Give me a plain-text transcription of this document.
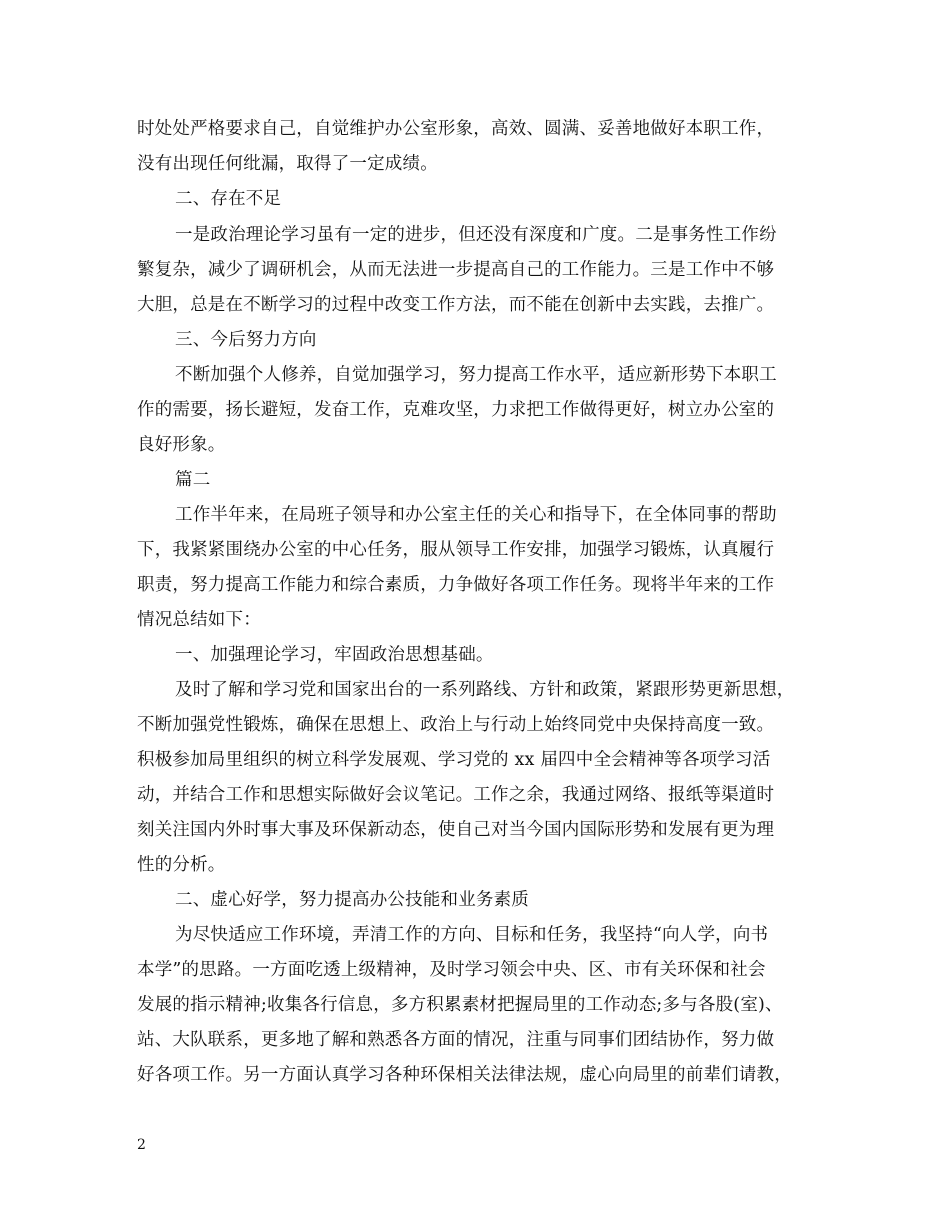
时处处严格要求自己，自觉维护办公室形象，高效、圆满、妥善地做好本职工作，
没有出现任何纰漏，取得了一定成绩。
二、存在不足
一是政治理论学习虽有一定的进步，但还没有深度和广度。二是事务性工作纷
繁复杂，减少了调研机会，从而无法进一步提高自己的工作能力。三是工作中不够
大胆，总是在不断学习的过程中改变工作方法，而不能在创新中去实践，去推广。
三、今后努力方向
不断加强个人修养，自觉加强学习，努力提高工作水平，适应新形势下本职工
作的需要，扬长避短，发奋工作，克难攻坚，力求把工作做得更好，树立办公室的
良好形象。
篇二
工作半年来，在局班子领导和办公室主任的关心和指导下，在全体同事的帮助
下，我紧紧围绕办公室的中心任务，服从领导工作安排，加强学习锻炼，认真履行
职责，努力提高工作能力和综合素质，力争做好各项工作任务。现将半年来的工作
情况总结如下：
一、加强理论学习，牢固政治思想基础。
及时了解和学习党和国家出台的一系列路线、方针和政策，紧跟形势更新思想，
不断加强党性锻炼，确保在思想上、政治上与行动上始终同党中央保持高度一致。
积极参加局里组织的树立科学发展观、学习党的 xx 届四中全会精神等各项学习活
动，并结合工作和思想实际做好会议笔记。工作之余，我通过网络、报纸等渠道时
刻关注国内外时事大事及环保新动态，使自己对当今国内国际形势和发展有更为理
性的分析。
二、虚心好学，努力提高办公技能和业务素质
为尽快适应工作环境，弄清工作的方向、目标和任务，我坚持“向人学，向书
本学”的思路。一方面吃透上级精神，及时学习领会中央、区、市有关环保和社会
发展的指示精神;收集各行信息，多方积累素材把握局里的工作动态;多与各股(室)、
站、大队联系，更多地了解和熟悉各方面的情况，注重与同事们团结协作，努力做
好各项工作。另一方面认真学习各种环保相关法律法规，虚心向局里的前辈们请教，
2
